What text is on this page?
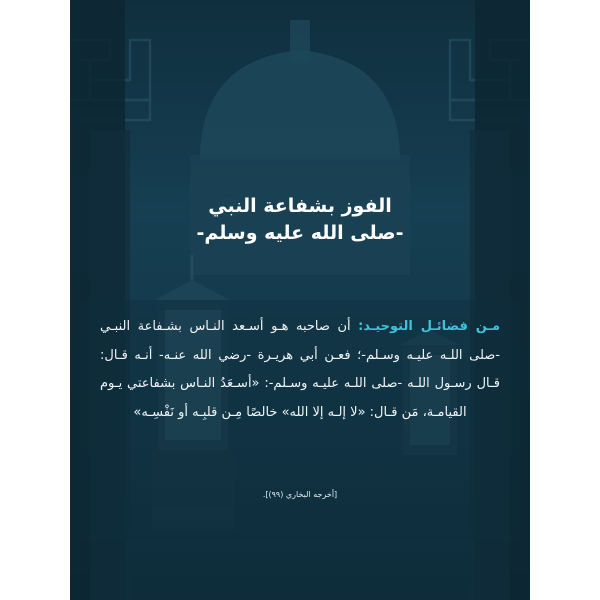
الفوز بشفاعة النبي
-صلى الله عليه وسلم-
مـن فضائـل التوحيـد: أن صاحبه هـو أسـعد النـاس بشـفاعة النبـي -صلى اللـه عليـه وسـلم-؛ فعـن أبي هريـرة -رضي الله عنـه- أنـه قـال: قـال رسـول اللـه -صلى اللـه عليـه وسـلم-: «أسـعَدُ النـاس بشفاعتي يـوم القيامـة، مَن قـال: «لا إلـه إلا الله» خالصًا مِـن قلبِـه أو نَفْسِـه»
[أخرجه البخاري (٩٩)].
